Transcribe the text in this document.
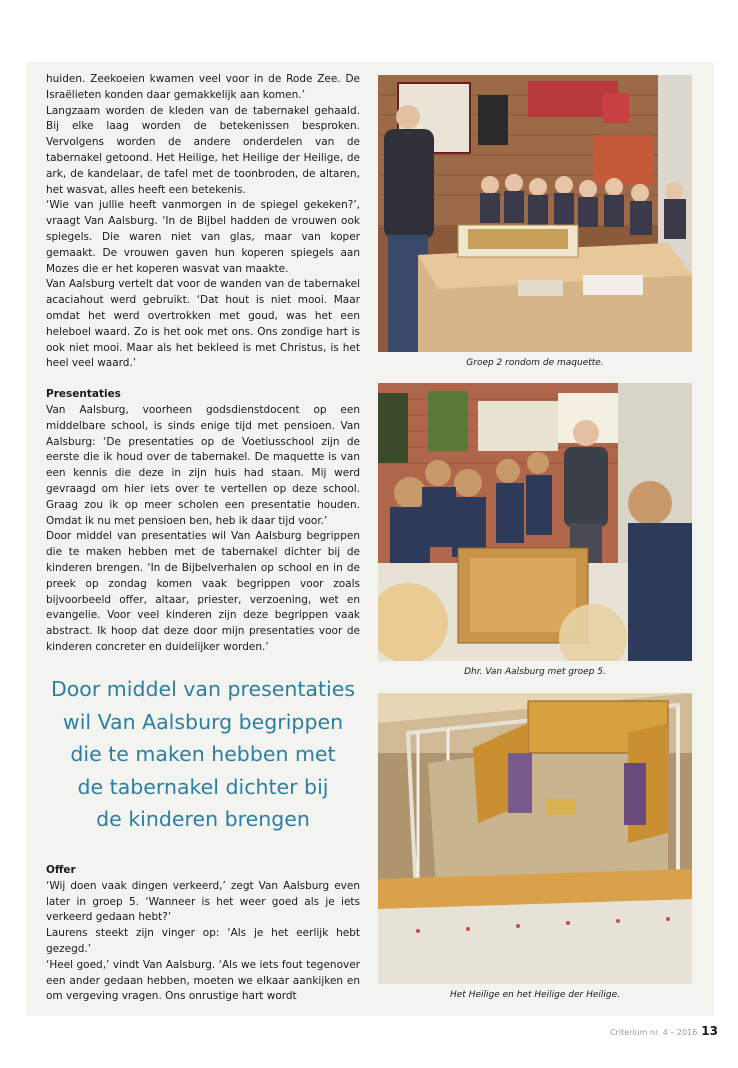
huiden. Zeekoeien kwamen veel voor in de Rode Zee. De Israëlieten konden daar gemakkelijk aan komen.’

Langzaam worden de kleden van de tabernakel gehaald. Bij elke laag worden de betekenissen besproken. Vervolgens worden de andere onderdelen van de tabernakel getoond. Het Heilige, het Heilige der Heilige, de ark, de kandelaar, de tafel met de toonbroden, de altaren, het wasvat, alles heeft een betekenis.

‘Wie van jullie heeft vanmorgen in de spiegel gekeken?’, vraagt Van Aalsburg. ‘In de Bijbel hadden de vrouwen ook spiegels. Die waren niet van glas, maar van koper gemaakt. De vrouwen gaven hun koperen spiegels aan Mozes die er het koperen wasvat van maakte.

Van Aalsburg vertelt dat voor de wanden van de tabernakel acaciahout werd gebruikt. ‘Dat hout is niet mooi. Maar omdat het werd overtrokken met goud, was het een heleboel waard. Zo is het ook met ons. Ons zondige hart is ook niet mooi. Maar als het bekleed is met Christus, is het heel veel waard.’

Presentaties

Van Aalsburg, voorheen godsdienstdocent op een middelbare school, is sinds enige tijd met pensioen. Van Aalsburg: ‘De presentaties op de Voetiusschool zijn de eerste die ik houd over de tabernakel. De maquette is van een kennis die deze in zijn huis had staan. Mij werd gevraagd om hier iets over te vertellen op deze school. Graag zou ik op meer scholen een presentatie houden. Omdat ik nu met pensioen ben, heb ik daar tijd voor.’

Door middel van presentaties wil Van Aalsburg begrippen die te maken hebben met de tabernakel dichter bij de kinderen brengen. ‘In de Bijbelverhalen op school en in de preek op zondag komen vaak begrippen voor zoals bijvoorbeeld offer, altaar, priester, verzoening, wet en evangelie. Voor veel kinderen zijn deze begrippen vaak abstract. Ik hoop dat deze door mijn presentaties voor de kinderen concreter en duidelijker worden.’

Door middel van presentaties
wil Van Aalsburg begrippen
die te maken hebben met
de tabernakel dichter bij
de kinderen brengen

Offer

‘Wij doen vaak dingen verkeerd,’ zegt Van Aalsburg even later in groep 5. ‘Wanneer is het weer goed als je iets verkeerd gedaan hebt?’

Laurens steekt zijn vinger op: ‘Als je het eerlijk hebt gezegd.’

‘Heel goed,’ vindt Van Aalsburg. ‘Als we iets fout tegenover een ander gedaan hebben, moeten we elkaar aankijken en om vergeving vragen. Ons onrustige hart wordt

Groep 2 rondom de maquette.
Dhr. Van Aalsburg met groep 5.
Het Heilige en het Heilige der Heilige.
Criterium nr. 4 – 2016 13
